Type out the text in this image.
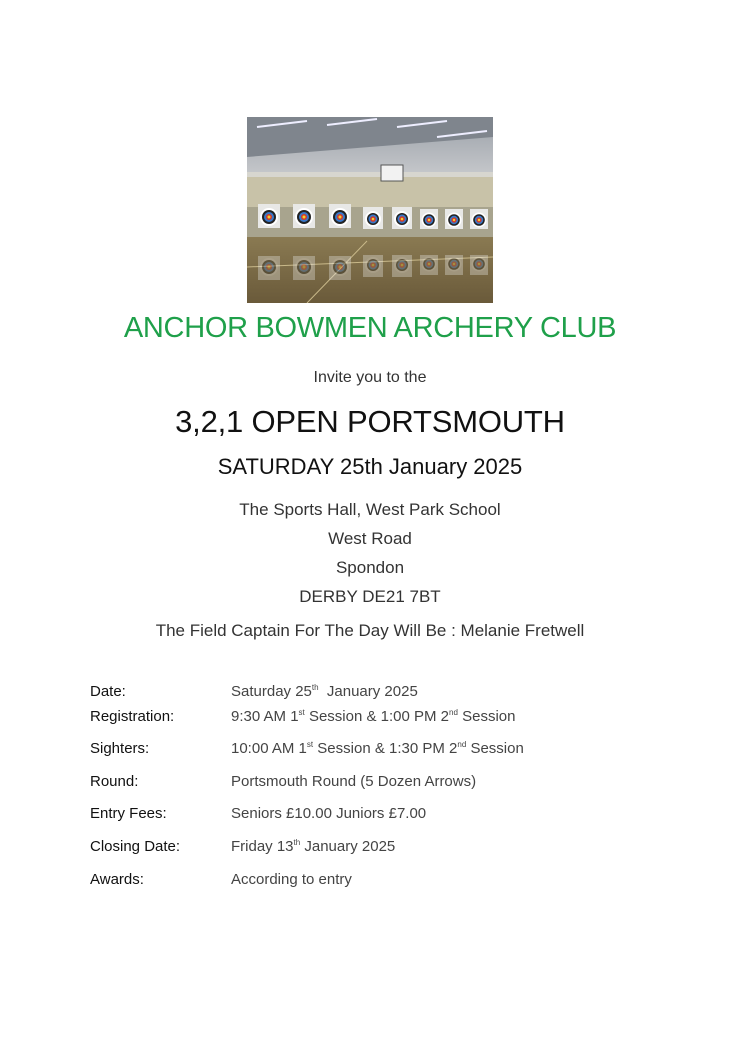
ANCHOR BOWMEN ARCHERY CLUB
Invite you to the
3,2,1 OPEN PORTSMOUTH
SATURDAY 25th January 2025
The Sports Hall, West Park School
West Road
Spondon
DERBY DE21 7BT
The Field Captain For The Day Will Be : Melanie Fretwell
Date:	Saturday 25th  January 2025
Registration:	9:30 AM 1st Session & 1:00 PM 2nd Session
Sighters:	10:00 AM 1st Session & 1:30 PM 2nd Session
Round:	Portsmouth Round (5 Dozen Arrows)
Entry Fees:	Seniors £10.00 Juniors £7.00
Closing Date:	Friday 13th January 2025
Awards:	According to entry
